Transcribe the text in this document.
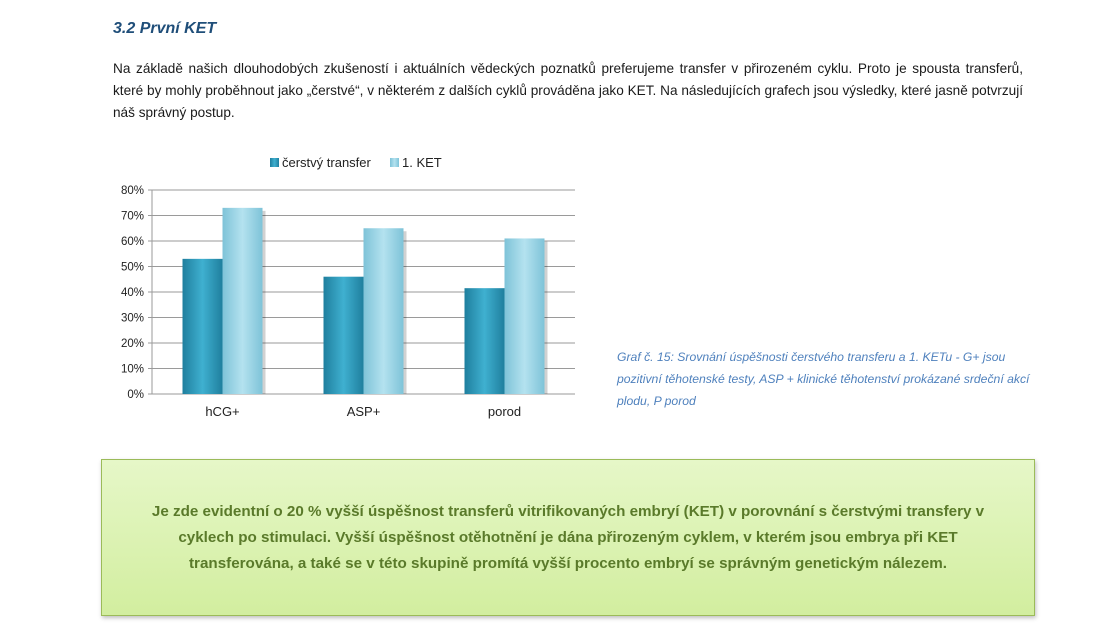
3.2 První KET

Na základě našich dlouhodobých zkušeností i aktuálních vědeckých poznatků preferujeme transfer v přirozeném cyklu. Proto je spousta transferů, které by mohly proběhnout jako „čerstvé“, v některém z dalších cyklů prováděna jako KET. Na následujících grafech jsou výsledky, které jasně potvrzují náš správný postup.

0%
10%
20%
30%
40%
50%
60%
70%
80%
hCG+	ASP+	porod
čerstvý transfer 1. KET
Graf č. 15: Srovnání úspěšnosti čerstvého transferu a 1. KETu - G+ jsou pozitivní těhotenské testy, ASP + klinické těhotenství prokázané srdeční akcí plodu, P porod
Je zde evidentní o 20 % vyšší úspěšnost transferů vitrifikovaných embryí (KET) v porovnání s čerstvými transfery v cyklech po stimulaci. Vyšší úspěšnost otěhotnění je dána přirozeným cyklem, v kterém jsou embrya při KET transferována, a také se v této skupině promítá vyšší procento embryí se správným genetickým nálezem.
